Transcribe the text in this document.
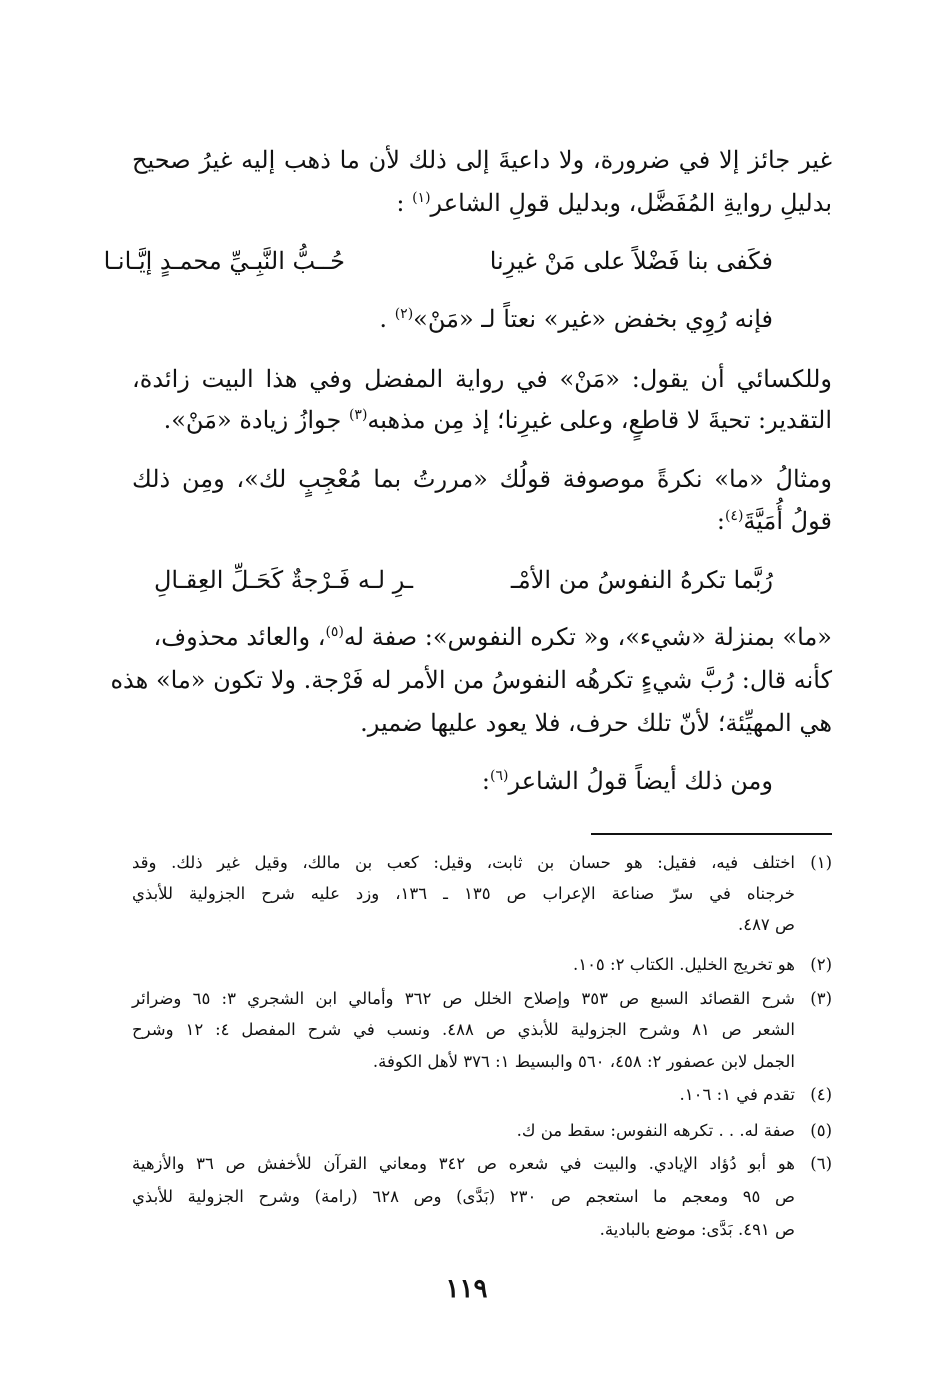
غير جائز إلا في ضرورة، ولا داعيةَ إلى ذلك لأن ما ذهب إليه غيرُ صحيح
بدليلِ روايةِ المُفَضَّل، وبدليل قولِ الشاعر$^{(١)}$ :
فكَفى بنا فَضْلاً على مَنْ غيرِنا
حُــبُّ النَّبِـيِّ محمـدٍ إيَّـانـا
فإنه رُوِي بخفض «غير» نعتاً لـ «مَنْ»$^{(٢)}$ .
وللكسائي أن يقول: «مَنْ» في رواية المفضل وفي هذا البيت زائدة،
التقدير: تحيةَ لا قاطعٍ، وعلى غيرِنا؛ إذ مِن مذهبه$^{(٣)}$ جوازُ زيادة «مَنْ».
ومثالُ «ما» نكرةً موصوفة قولُك «مررتُ بما مُعْجِبٍ لك»، ومِن ذلك
قولُ أُمَيَّةَ$^{(٤)}$:
رُبَّما تكرهُ النفوسُ من الأمْـ
ـرِ لـه فَـرْجةٌ كَحَـلِّ العِقـالِ
«ما» بمنزلة «شيء»، و« تكره النفوس»: صفة له$^{(٥)}$، والعائد محذوف،
كأنه قال: رُبَّ شيءٍ تكرهُه النفوسُ من الأمر له فَرْجة. ولا تكون «ما» هذه
هي المهيِّئة؛ لأنّ تلك حرف، فلا يعود عليها ضمير.
ومن ذلك أيضاً قولُ الشاعر$^{(٦)}$:
(١)
اختلف فيه، فقيل: هو حسان بن ثابت، وقيل: كعب بن مالك، وقيل غير ذلك. وقد
خرجناه في سرّ صناعة الإعراب ص ١٣٥ ـ ١٣٦، وزد عليه شرح الجزولية للأبذي
ص ٤٨٧.
(٢)
هو تخريج الخليل. الكتاب ٢: ١٠٥.
(٣)
شرح القصائد السبع ص ٣٥٣ وإصلاح الخلل ص ٣٦٢ وأمالي ابن الشجري ٣: ٦٥ وضرائر
الشعر ص ٨١ وشرح الجزولية للأبذي ص ٤٨٨. ونسب في شرح المفصل ٤: ١٢ وشرح
الجمل لابن عصفور ٢: ٤٥٨، ٥٦٠ والبسيط ١: ٣٧٦ لأهل الكوفة.
(٤)
تقدم في ١: ١٠٦.
(٥)
صفة له. . . تكرهه النفوس: سقط من ك.
(٦)
هو أبو دُؤاد الإيادي. والبيت في شعره ص ٣٤٢ ومعاني القرآن للأخفش ص ٣٦ والأزهية
ص ٩٥ ومعجم ما استعجم ص ٢٣٠ (بَدَّى) وص ٦٢٨ (رامة) وشرح الجزولية للأبذي
ص ٤٩١. بَدَّى: موضع بالبادية.
١١٩
